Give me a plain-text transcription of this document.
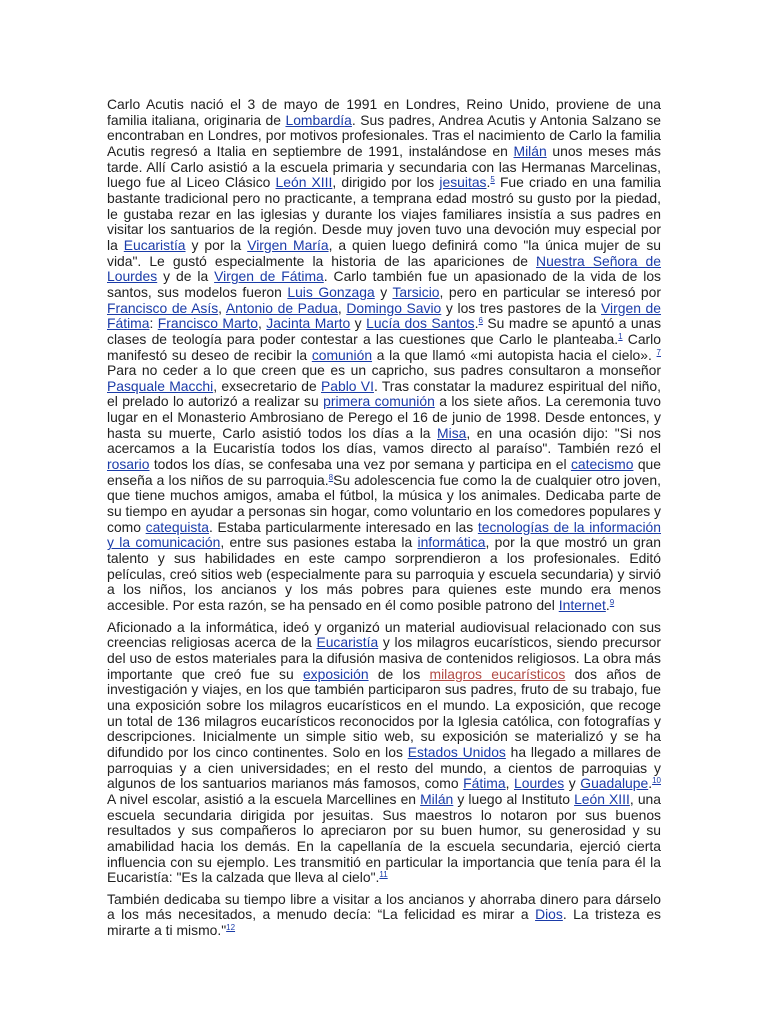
Carlo Acutis nació el 3 de mayo de 1991 en Londres, Reino Unido, proviene de una familia italiana, originaria de Lombardía. Sus padres, Andrea Acutis y Antonia Salzano se encontraban en Londres, por motivos profesionales. Tras el nacimiento de Carlo la familia Acutis regresó a Italia en septiembre de 1991, instalándose en Milán unos meses más tarde. Allí Carlo asistió a la escuela primaria y secundaria con las Hermanas Marcelinas, luego fue al Liceo Clásico León XIII, dirigido por los jesuitas.$^5$ Fue criado en una familia bastante tradicional pero no practicante, a temprana edad mostró su gusto por la piedad, le gustaba rezar en las iglesias y durante los viajes familiares insistía a sus padres en visitar los santuarios de la región. Desde muy joven tuvo una devoción muy especial por la Eucaristía y por la Virgen María, a quien luego definirá como "la única mujer de su vida". Le gustó especialmente la historia de las apariciones de Nuestra Señora de Lourdes y de la Virgen de Fátima. Carlo también fue un apasionado de la vida de los santos, sus modelos fueron Luis Gonzaga y Tarsicio, pero en particular se interesó por Francisco de Asís, Antonio de Padua, Domingo Savio y los tres pastores de la Virgen de Fátima: Francisco Marto, Jacinta Marto y Lucía dos Santos.$^6$ Su madre se apuntó a unas clases de teología para poder contestar a las cuestiones que Carlo le planteaba.$^1$ Carlo manifestó su deseo de recibir la comunión a la que llamó «mi autopista hacia el cielo». $^7$ Para no ceder a lo que creen que es un capricho, sus padres consultaron a monseñor Pasquale Macchi, exsecretario de Pablo VI. Tras constatar la madurez espiritual del niño, el prelado lo autorizó a realizar su primera comunión a los siete años. La ceremonia tuvo lugar en el Monasterio Ambrosiano de Perego el 16 de junio de 1998. Desde entonces, y hasta su muerte, Carlo asistió todos los días a la Misa, en una ocasión dijo: "Si nos acercamos a la Eucaristía todos los días, vamos directo al paraíso". También rezó el rosario todos los días, se confesaba una vez por semana y participa en el catecismo que enseña a los niños de su parroquia.$^8$Su adolescencia fue como la de cualquier otro joven, que tiene muchos amigos, amaba el fútbol, la música y los animales. Dedicaba parte de su tiempo en ayudar a personas sin hogar, como voluntario en los comedores populares y como catequista. Estaba particularmente interesado en las tecnologías de la información y la comunicación, entre sus pasiones estaba la informática, por la que mostró un gran talento y sus habilidades en este campo sorprendieron a los profesionales. Editó películas, creó sitios web (especialmente para su parroquia y escuela secundaria) y sirvió a los niños, los ancianos y los más pobres para quienes este mundo era menos accesible. Por esta razón, se ha pensado en él como posible patrono del Internet.$^9$

Aficionado a la informática, ideó y organizó un material audiovisual relacionado con sus creencias religiosas acerca de la Eucaristía y los milagros eucarísticos, siendo precursor del uso de estos materiales para la difusión masiva de contenidos religiosos. La obra más importante que creó fue su exposición de los milagros eucarísticos dos años de investigación y viajes, en los que también participaron sus padres, fruto de su trabajo, fue una exposición sobre los milagros eucarísticos en el mundo. La exposición, que recoge un total de 136 milagros eucarísticos reconocidos por la Iglesia católica, con fotografías y descripciones. Inicialmente un simple sitio web, su exposición se materializó y se ha difundido por los cinco continentes. Solo en los Estados Unidos ha llegado a millares de parroquias y a cien universidades; en el resto del mundo, a cientos de parroquias y algunos de los santuarios marianos más famosos, como Fátima, Lourdes y Guadalupe.$^{10}$ A nivel escolar, asistió a la escuela Marcellines en Milán y luego al Instituto León XIII, una escuela secundaria dirigida por jesuitas. Sus maestros lo notaron por sus buenos resultados y sus compañeros lo apreciaron por su buen humor, su generosidad y su amabilidad hacia los demás. En la capellanía de la escuela secundaria, ejerció cierta influencia con su ejemplo. Les transmitió en particular la importancia que tenía para él la Eucaristía: "Es la calzada que lleva al cielo".$^{11}$

También dedicaba su tiempo libre a visitar a los ancianos y ahorraba dinero para dárselo a los más necesitados, a menudo decía: “La felicidad es mirar a Dios. La tristeza es mirarte a ti mismo."$^{12}$
